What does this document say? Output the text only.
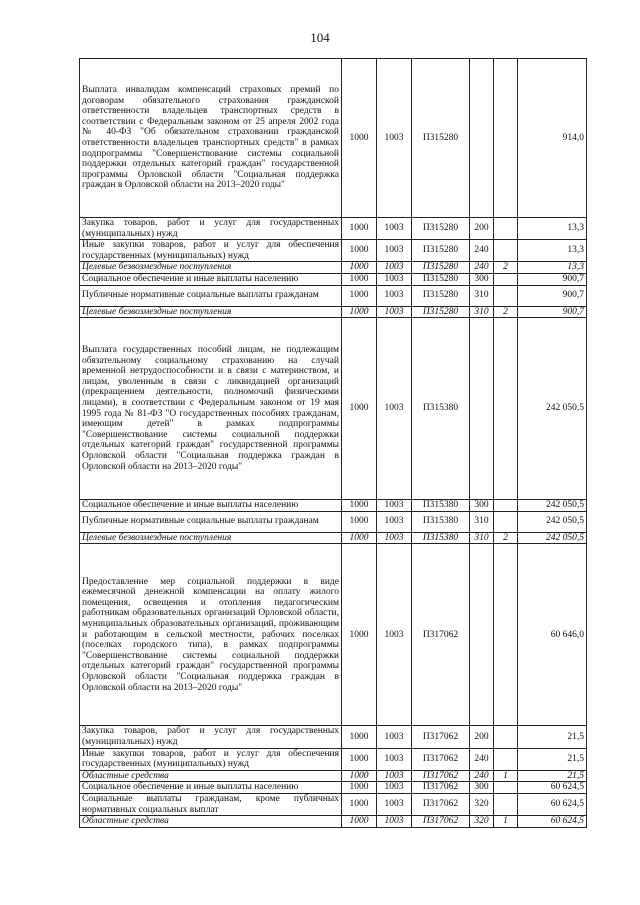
104
Выплата инвалидам компенсаций страховых премий по договорам обязательного страхования гражданской ответственности владельцев транспортных средств в соответствии с Федеральным законом от 25 апреля 2002 года № 40-ФЗ "Об обязательном страховании гражданской ответственности владельцев транспортных средств" в рамках подпрограммы "Совершенствование системы социальной поддержки отдельных категорий граждан" государственной программы Орловской области "Социальная поддержка граждан в Орловской области на 2013–2020 годы"	1000	1003	П315280			914,0
Закупка товаров, работ и услуг для государственных (муниципальных) нужд	1000	1003	П315280	200		13,3
Иные закупки товаров, работ и услуг для обеспечения государственных (муниципальных) нужд	1000	1003	П315280	240		13,3
Целевые безвозмездные поступления	1000	1003	П315280	240	2	13,3
Социальное обеспечение и иные выплаты населению	1000	1003	П315280	300		900,7
Публичные нормативные социальные выплаты гражданам	1000	1003	П315280	310		900,7
Целевые безвозмездные поступления	1000	1003	П315280	310	2	900,7
Выплата государственных пособий лицам, не подлежащим обязательному социальному страхованию на случай временной нетрудоспособности и в связи с материнством, и лицам, уволенным в связи с ликвидацией организаций (прекращением деятельности, полномочий физическими лицами), в соответствии с Федеральным законом от 19 мая 1995 года № 81-ФЗ "О государственных пособиях гражданам, имеющим детей" в рамках подпрограммы "Совершенствование системы социальной поддержки отдельных категорий граждан" государственной программы Орловской области "Социальная поддержка граждан в Орловской области на 2013–2020 годы"	1000	1003	П315380			242 050,5
Социальное обеспечение и иные выплаты населению	1000	1003	П315380	300		242 050,5
Публичные нормативные социальные выплаты гражданам	1000	1003	П315380	310		242 050,5
Целевые безвозмездные поступления	1000	1003	П315380	310	2	242 050,5
Предоставление мер социальной поддержки в виде ежемесячной денежной компенсации на оплату жилого помещения, освещения и отопления педагогическим работникам образовательных организаций Орловской области, муниципальных образовательных организаций, проживающим и работающим в сельской местности, рабочих поселках (поселках городского типа), в рамках подпрограммы "Совершенствование системы социальной поддержки отдельных категорий граждан" государственной программы Орловской области "Социальная поддержка граждан в Орловской области на 2013–2020 годы"	1000	1003	П317062			60 646,0
Закупка товаров, работ и услуг для государственных (муниципальных) нужд	1000	1003	П317062	200		21,5
Иные закупки товаров, работ и услуг для обеспечения государственных (муниципальных) нужд	1000	1003	П317062	240		21,5
Областные средства	1000	1003	П317062	240	1	21,5
Социальное обеспечение и иные выплаты населению	1000	1003	П317062	300		60 624,5
Социальные выплаты гражданам, кроме публичных нормативных социальных выплат	1000	1003	П317062	320		60 624,5
Областные средства	1000	1003	П317062	320	1	60 624,5
